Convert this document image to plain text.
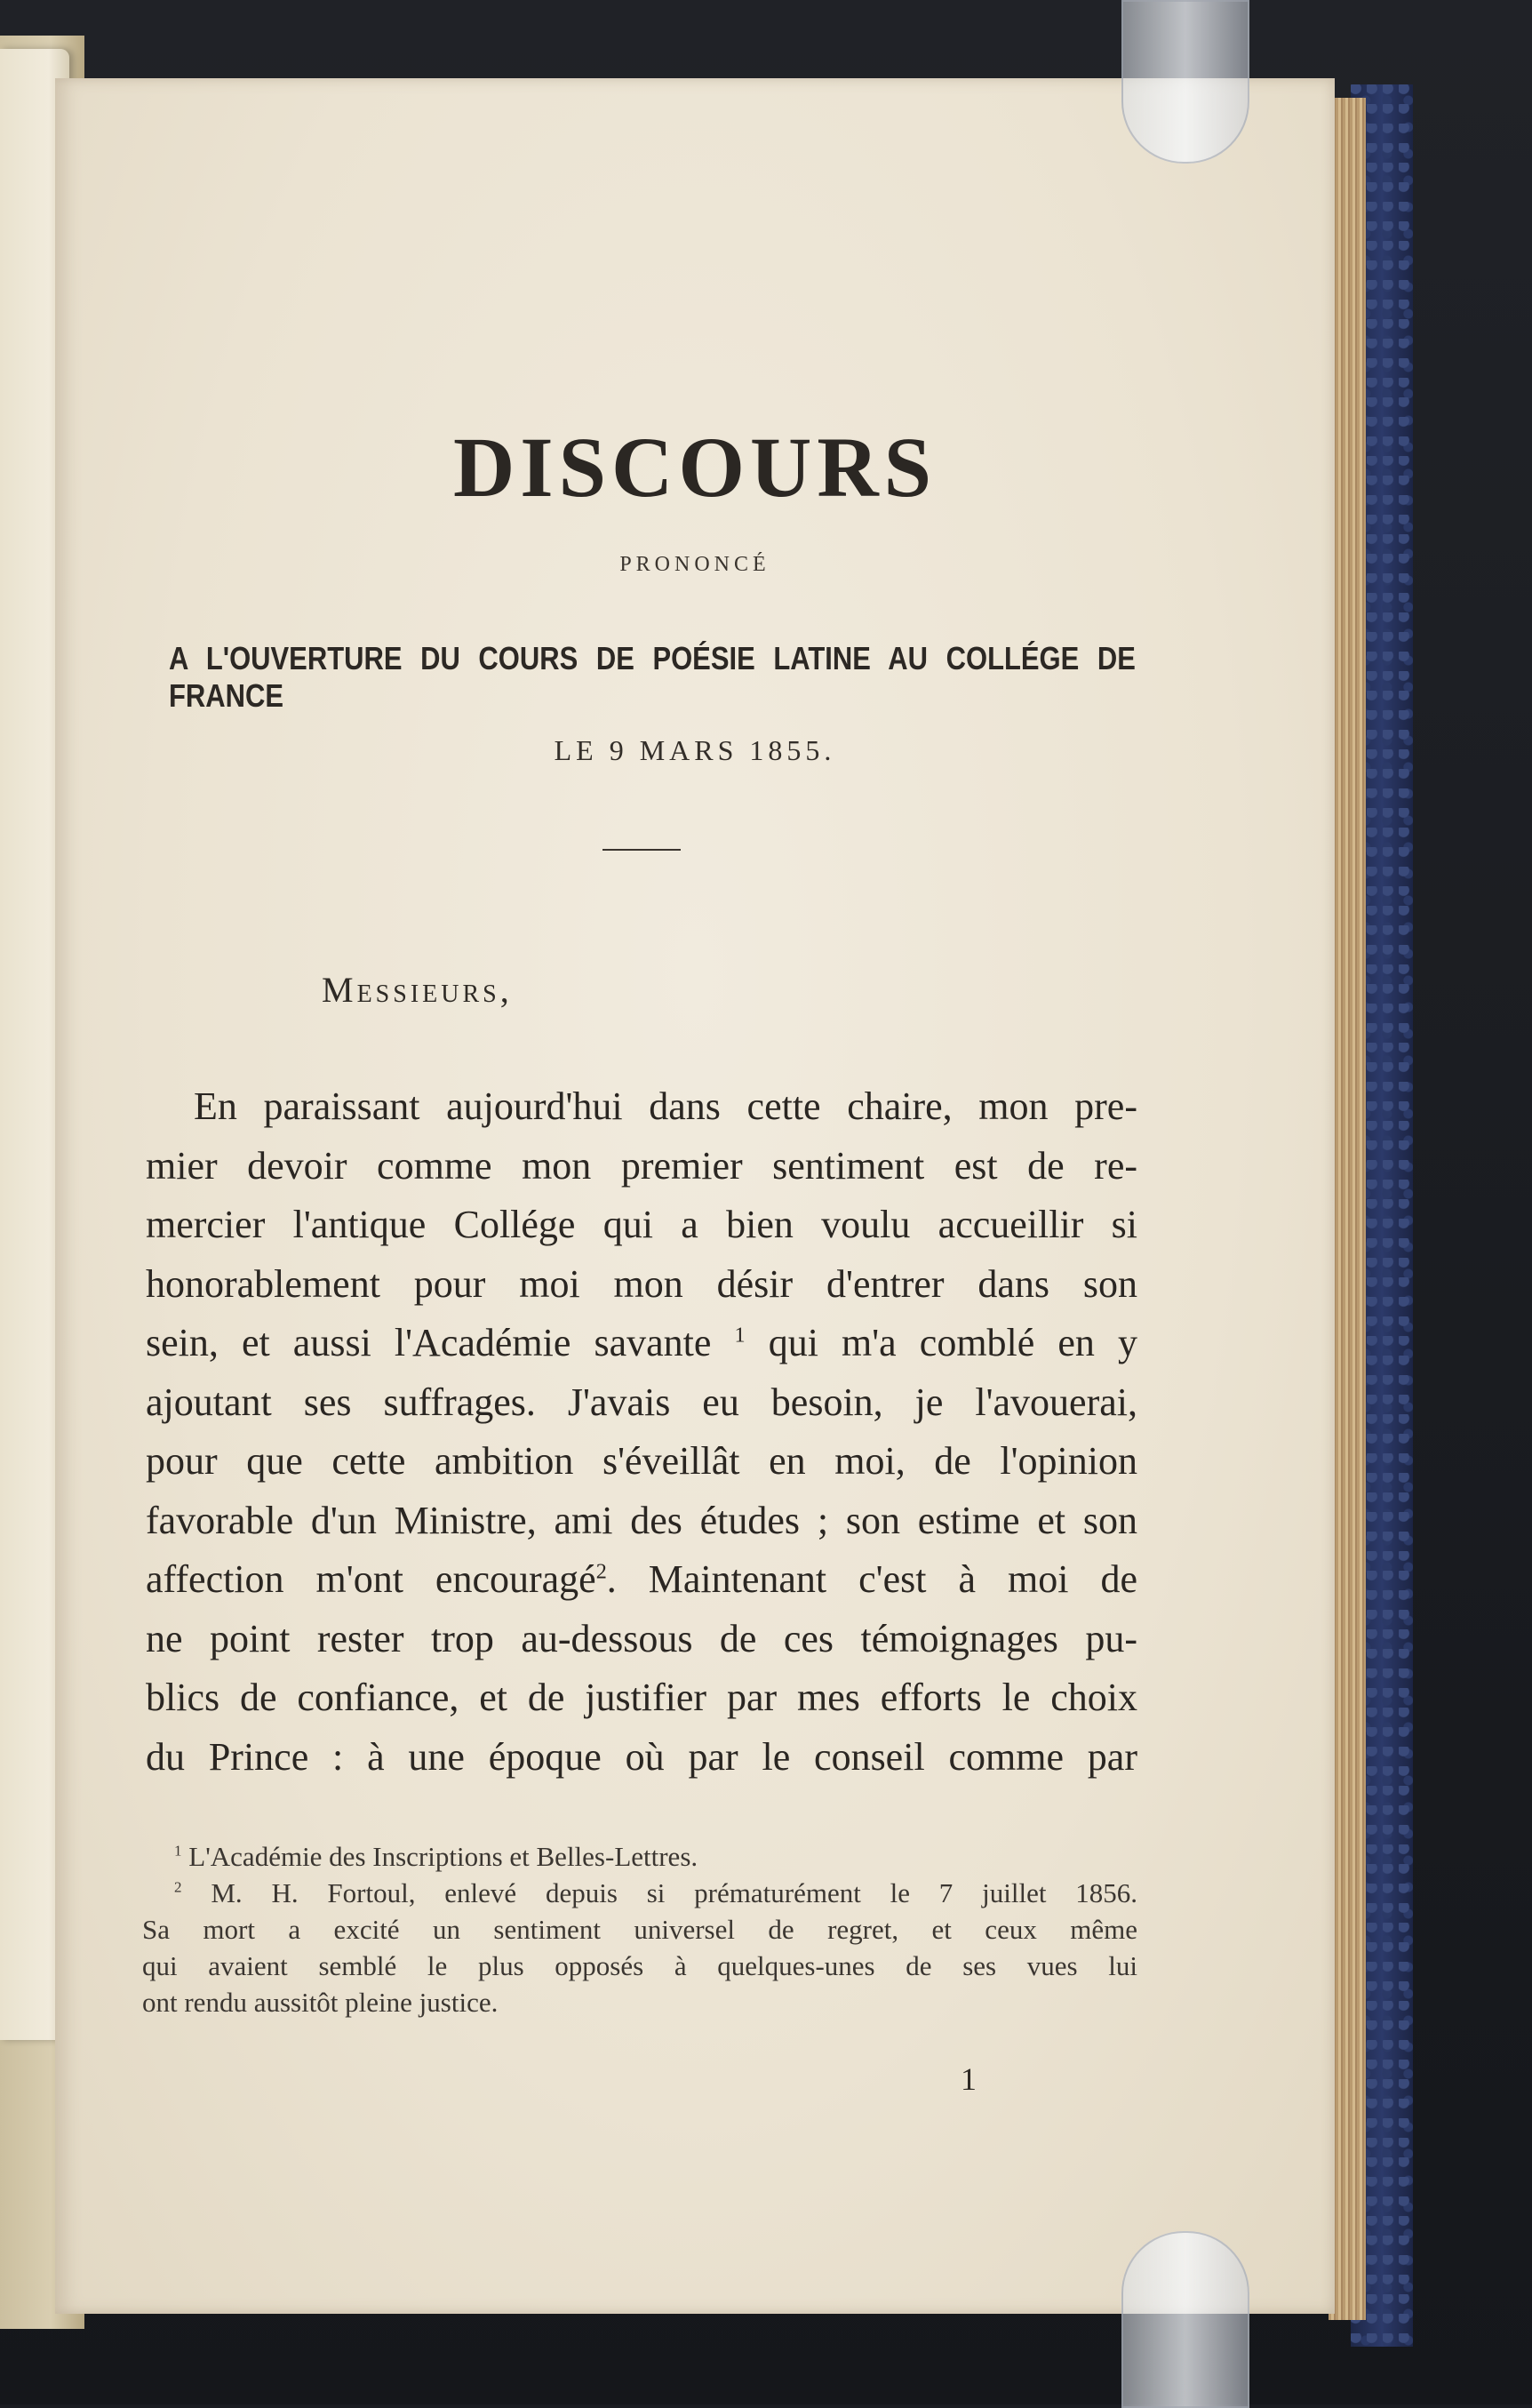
DISCOURS

PRONONCÉ

A L'OUVERTURE DU COURS DE POÉSIE LATINE AU COLLÉGE DE FRANCE

LE 9 MARS 1855.

Messieurs,

En paraissant aujourd'hui dans cette chaire, mon pre-
mier devoir comme mon premier sentiment est de re-
mercier l'antique Collége qui a bien voulu accueillir si
honorablement pour moi mon désir d'entrer dans son
sein, et aussi l'Académie savante $^1$ qui m'a comblé en y
ajoutant ses suffrages. J'avais eu besoin, je l'avouerai,
pour que cette ambition s'éveillât en moi, de l'opinion
favorable d'un Ministre, ami des études ; son estime et son
affection m'ont encouragé$^2$. Maintenant c'est à moi de
ne point rester trop au-dessous de ces témoignages pu-
blics de confiance, et de justifier par mes efforts le choix
du Prince : à une époque où par le conseil comme par
$^1$ L'Académie des Inscriptions et Belles-Lettres.
$^2$ M. H. Fortoul, enlevé depuis si prématurément le 7 juillet 1856.
Sa mort a excité un sentiment universel de regret, et ceux même
qui avaient semblé le plus opposés à quelques-unes de ses vues lui
ont rendu aussitôt pleine justice.

1
